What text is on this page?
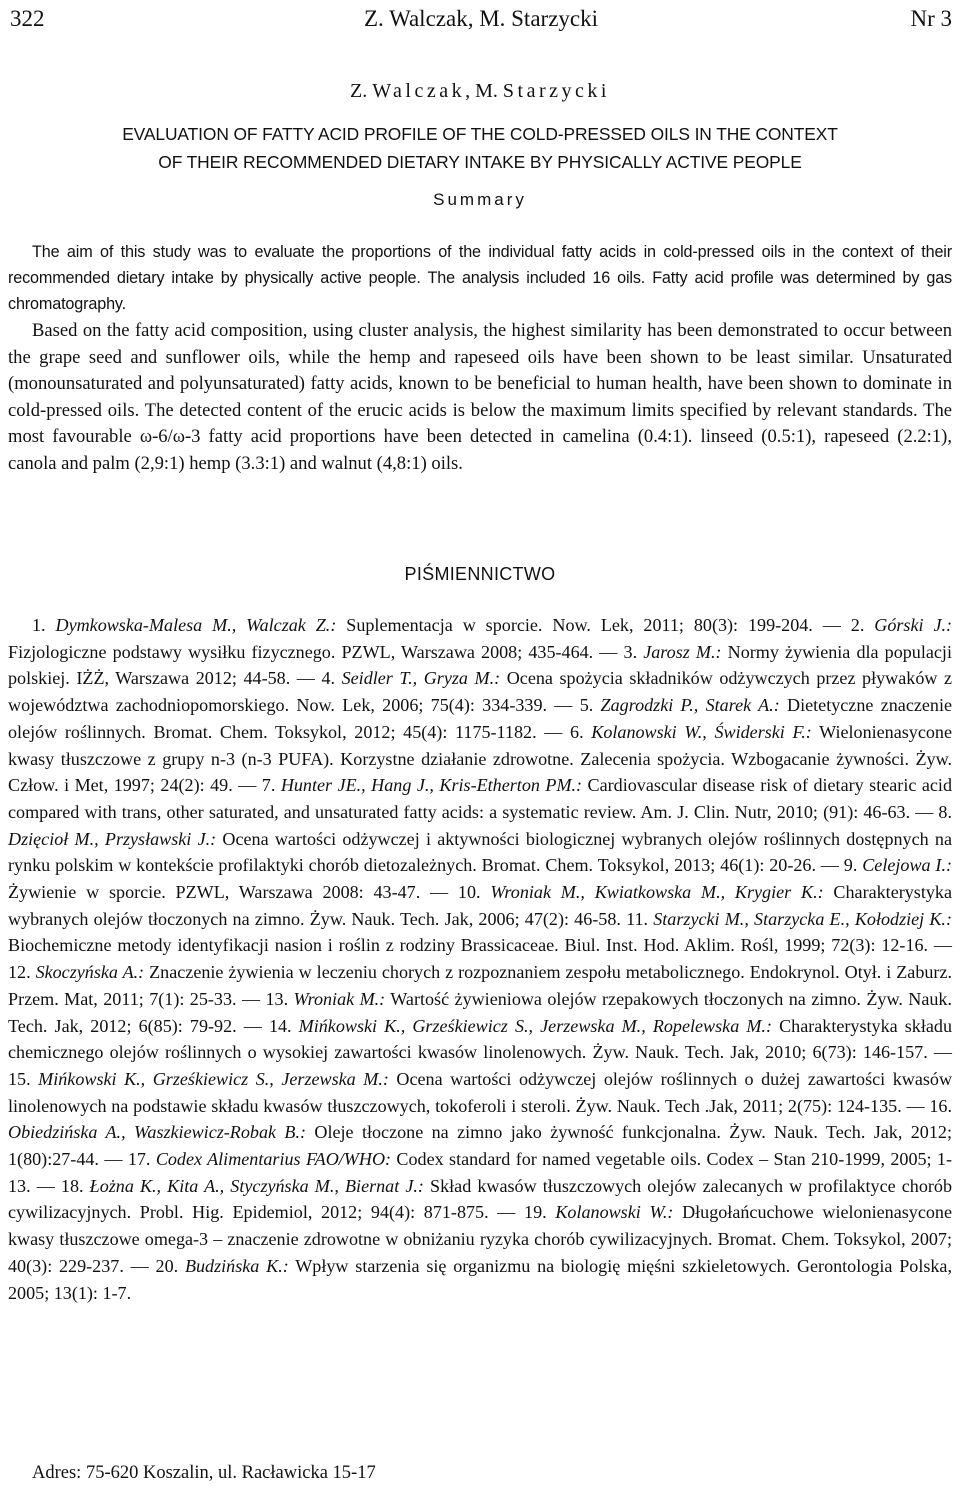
322	Z. Walczak, M. Starzycki	Nr 3
Z. Walczak, M. Starzycki
EVALUATION OF FATTY ACID PROFILE OF THE COLD-PRESSED OILS IN THE CONTEXT
OF THEIR RECOMMENDED DIETARY INTAKE BY PHYSICALLY ACTIVE PEOPLE
Summary

The aim of this study was to evaluate the proportions of the individual fatty acids in cold-pressed oils in the context of their recommended dietary intake by physically active people. The analysis included 16 oils. Fatty acid profile was determined by gas chromatography.

Based on the fatty acid composition, using cluster analysis, the highest similarity has been demonstrated to occur between the grape seed and sunflower oils, while the hemp and rapeseed oils have been shown to be least similar. Unsaturated (monounsaturated and polyunsaturated) fatty acids, known to be beneficial to human health, have been shown to dominate in cold-pressed oils. The detected content of the erucic acids is below the maximum limits specified by relevant standards. The most favourable ω-6/ω-3 fatty acid proportions have been detected in camelina (0.4:1). linseed (0.5:1), rapeseed (2.2:1), canola and palm (2,9:1) hemp (3.3:1) and walnut (4,8:1) oils.

PIŚMIENNICTWO

1. Dymkowska-Malesa M., Walczak Z.: Suplementacja w sporcie. Now. Lek, 2011; 80(3): 199-204. — 2. Górski J.: Fizjologiczne podstawy wysiłku fizycznego. PZWL, Warszawa 2008; 435-464. — 3. Jarosz M.: Normy żywienia dla populacji polskiej. IŻŻ, Warszawa 2012; 44-58. — 4. Seidler T., Gryza M.: Ocena spożycia składników odżywczych przez pływaków z województwa zachodniopomorskiego. Now. Lek, 2006; 75(4): 334-339. — 5. Zagrodzki P., Starek A.: Dietetyczne znaczenie olejów roślinnych. Bromat. Chem. Toksykol, 2012; 45(4): 1175-1182. — 6. Kolanowski W., Świderski F.: Wielonienasycone kwasy tłuszczowe z grupy n-3 (n-3 PUFA). Korzystne działanie zdrowotne. Zalecenia spożycia. Wzbogacanie żywności. Żyw. Człow. i Met, 1997; 24(2): 49. — 7. Hunter JE., Hang J., Kris-Etherton PM.: Cardiovascular disease risk of dietary stearic acid compared with trans, other saturated, and unsaturated fatty acids: a systematic review. Am. J. Clin. Nutr, 2010; (91): 46-63. — 8. Dzięcioł M., Przysławski J.: Ocena wartości odżywczej i aktywności biologicznej wybranych olejów roślinnych dostępnych na rynku polskim w kontekście profilaktyki chorób dietozależnych. Bromat. Chem. Toksykol, 2013; 46(1): 20-26. — 9. Celejowa I.: Żywienie w sporcie. PZWL, Warszawa 2008: 43-47. — 10. Wroniak M., Kwiatkowska M., Krygier K.: Charakterystyka wybranych olejów tłoczonych na zimno. Żyw. Nauk. Tech. Jak, 2006; 47(2): 46-58. 11. Starzycki M., Starzycka E., Kołodziej K.: Biochemiczne metody identyfikacji nasion i roślin z rodziny Brassicaceae. Biul. Inst. Hod. Aklim. Rośl, 1999; 72(3): 12-16. — 12. Skoczyńska A.: Znaczenie żywienia w leczeniu chorych z rozpoznaniem zespołu metabolicznego. Endokrynol. Otył. i Zaburz. Przem. Mat, 2011; 7(1): 25-33. — 13. Wroniak M.: Wartość żywieniowa olejów rzepakowych tłoczonych na zimno. Żyw. Nauk. Tech. Jak, 2012; 6(85): 79-92. — 14. Mińkowski K., Grześkiewicz S., Jerzewska M., Ropelewska M.: Charakterystyka składu chemicznego olejów roślinnych o wysokiej zawartości kwasów linolenowych. Żyw. Nauk. Tech. Jak, 2010; 6(73): 146-157. — 15. Mińkowski K., Grześkiewicz S., Jerzewska M.: Ocena wartości odżywczej olejów roślinnych o dużej zawartości kwasów linolenowych na podstawie składu kwasów tłuszczowych, tokoferoli i steroli. Żyw. Nauk. Tech .Jak, 2011; 2(75): 124-135. — 16. Obiedzińska A., Waszkiewicz-Robak B.: Oleje tłoczone na zimno jako żywność funkcjonalna. Żyw. Nauk. Tech. Jak, 2012; 1(80):27-44. — 17. Codex Alimentarius FAO/WHO: Codex standard for named vegetable oils. Codex – Stan 210-1999, 2005; 1-13. — 18. Łożna K., Kita A., Styczyńska M., Biernat J.: Skład kwasów tłuszczowych olejów zalecanych w profilaktyce chorób cywilizacyjnych. Probl. Hig. Epidemiol, 2012; 94(4): 871-875. — 19. Kolanowski W.: Długołańcuchowe wielonienasycone kwasy tłuszczowe omega-3 – znaczenie zdrowotne w obniżaniu ryzyka chorób cywilizacyjnych. Bromat. Chem. Toksykol, 2007; 40(3): 229-237. — 20. Budzińska K.: Wpływ starzenia się organizmu na biologię mięśni szkieletowych. Gerontologia Polska, 2005; 13(1): 1-7.

Adres: 75-620 Koszalin, ul. Racławicka 15-17
